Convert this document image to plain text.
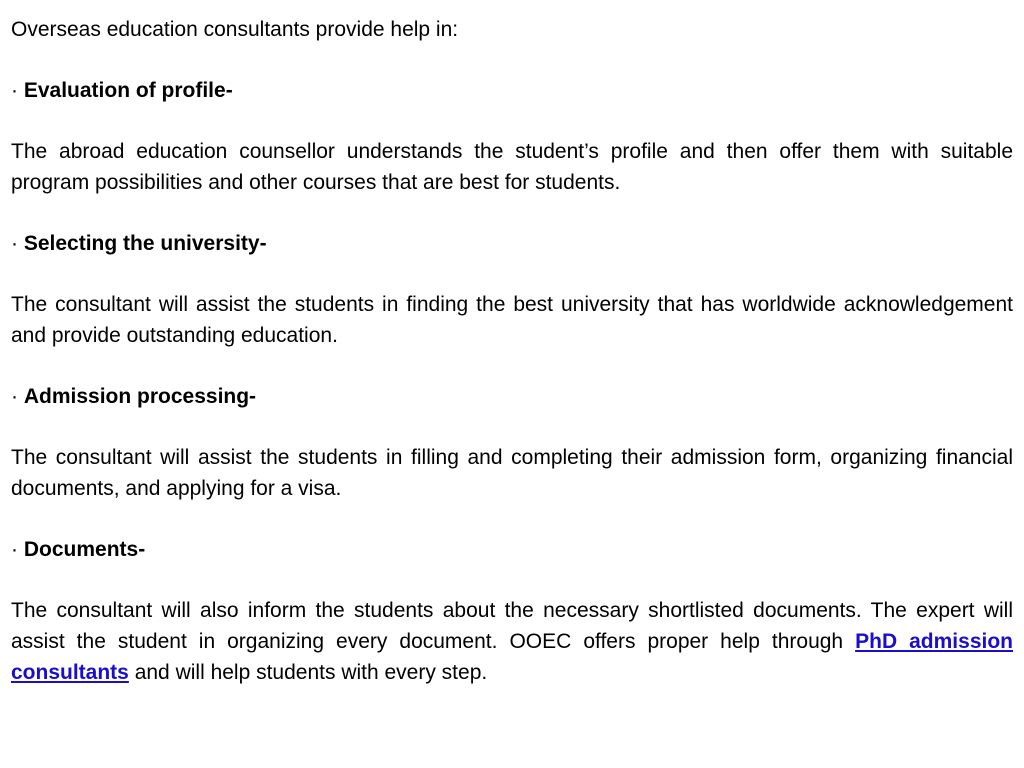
Overseas education consultants provide help in:

· Evaluation of profile-

The abroad education counsellor understands the student’s profile and then offer them with suitable program possibilities and other courses that are best for students.

· Selecting the university-

The consultant will assist the students in finding the best university that has worldwide acknowledgement and provide outstanding education.

· Admission processing-

The consultant will assist the students in filling and completing their admission form, organizing financial documents, and applying for a visa.

· Documents-

The consultant will also inform the students about the necessary shortlisted documents. The expert will assist the student in organizing every document. OOEC offers proper help through PhD admission consultants and will help students with every step.
